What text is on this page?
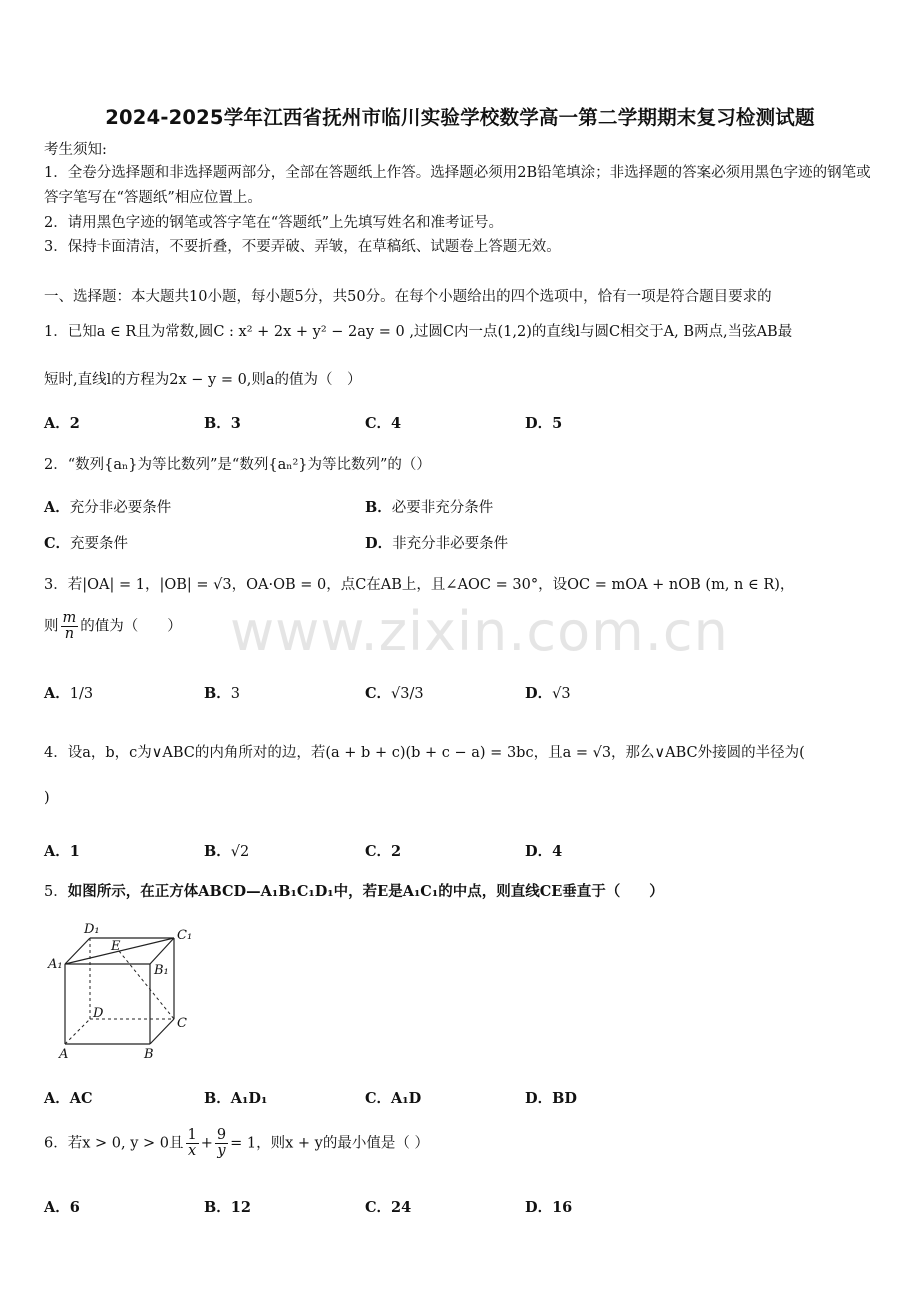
2024-2025学年江西省抚州市临川实验学校数学高一第二学期期末复习检测试题
考生须知:
1．全卷分选择题和非选择题两部分，全部在答题纸上作答。选择题必须用2B铅笔填涂；非选择题的答案必须用黑色字迹的钢笔或答字笔写在“答题纸”相应位置上。
2．请用黑色字迹的钢笔或答字笔在“答题纸”上先填写姓名和准考证号。
3．保持卡面清洁，不要折叠，不要弄破、弄皱，在草稿纸、试题卷上答题无效。
一、选择题：本大题共10小题，每小题5分，共50分。在每个小题给出的四个选项中，恰有一项是符合题目要求的
1．已知a ∈ R且为常数,圆C : x² + 2x + y² − 2ay = 0 ,过圆C内一点(1,2)的直线l与圆C相交于A, B两点,当弦AB最
短时,直线l的方程为2x − y = 0,则a的值为（　）
A．2	B．3	C．4	D．5
2．“数列{aₙ}为等比数列”是“数列{aₙ²}为等比数列”的（）
A．充分非必要条件	B．必要非充分条件
C．充要条件	D．非充分非必要条件
3．若|OA| = 1，|OB| = √3，OA·OB = 0，点C在AB上，且∠AOC = 30°，设OC = mOA + nOB (m, n ∈ R)，
则 $\frac{m}{n}$ 的值为（　　）
A．1/3	B．3	C．√3/3	D．√3
4．设a，b，c为∨ABC的内角所对的边，若(a + b + c)(b + c − a) = 3bc，且a = √3，那么∨ABC外接圆的半径为(
)
A．1	B．√2	C．2	D．4
5．如图所示，在正方体ABCD—A₁B₁C₁D₁中，若E是A₁C₁的中点，则直线CE垂直于（　　）
D₁	C₁
A₁	B₁
E
D
C
A	B
A．AC	B．A₁D₁	C．A₁D	D．BD
6．若x > 0, y > 0且 $\frac{1}{x} + \frac{9}{y} = 1$，则x + y的最小值是（ ）
A．6	B．12	C．24	D．16
www.zixin.com.cn
